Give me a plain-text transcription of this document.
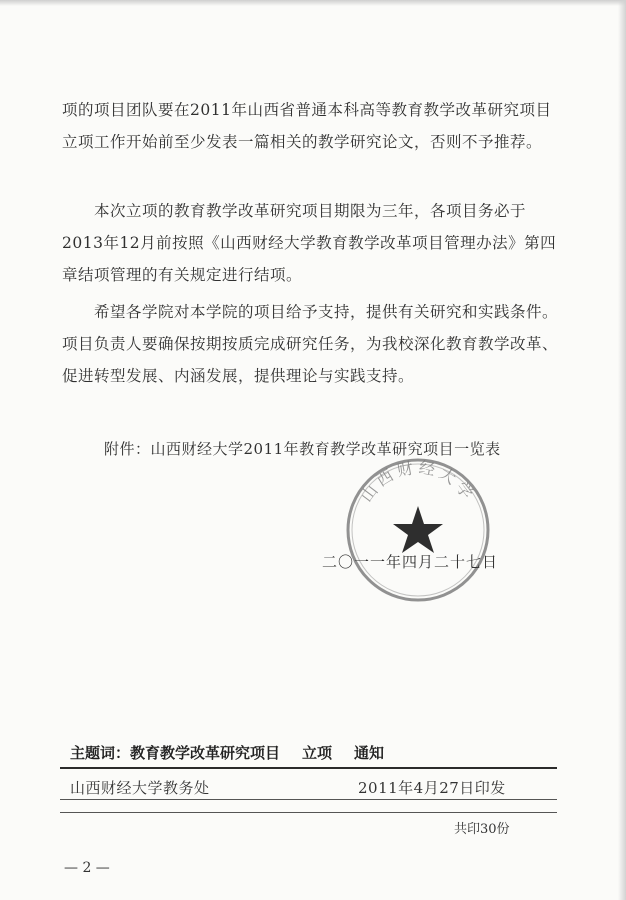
项的项目团队要在2011年山西省普通本科高等教育教学改革研究项目立项工作开始前至少发表一篇相关的教学研究论文，否则不予推荐。

本次立项的教育教学改革研究项目期限为三年，各项目务必于2013年12月前按照《山西财经大学教育教学改革项目管理办法》第四章结项管理的有关规定进行结项。

希望各学院对本学院的项目给予支持，提供有关研究和实践条件。项目负责人要确保按期按质完成研究任务，为我校深化教育教学改革、促进转型发展、内涵发展，提供理论与实践支持。

附件：山西财经大学2011年教育教学改革研究项目一览表

山西财经大学

二〇一一年四月二十七日

主题词：教育教学改革研究项目 立项 通知

山西财经大学教务处	2011年4月27日印发

共印30份

— 2 —
